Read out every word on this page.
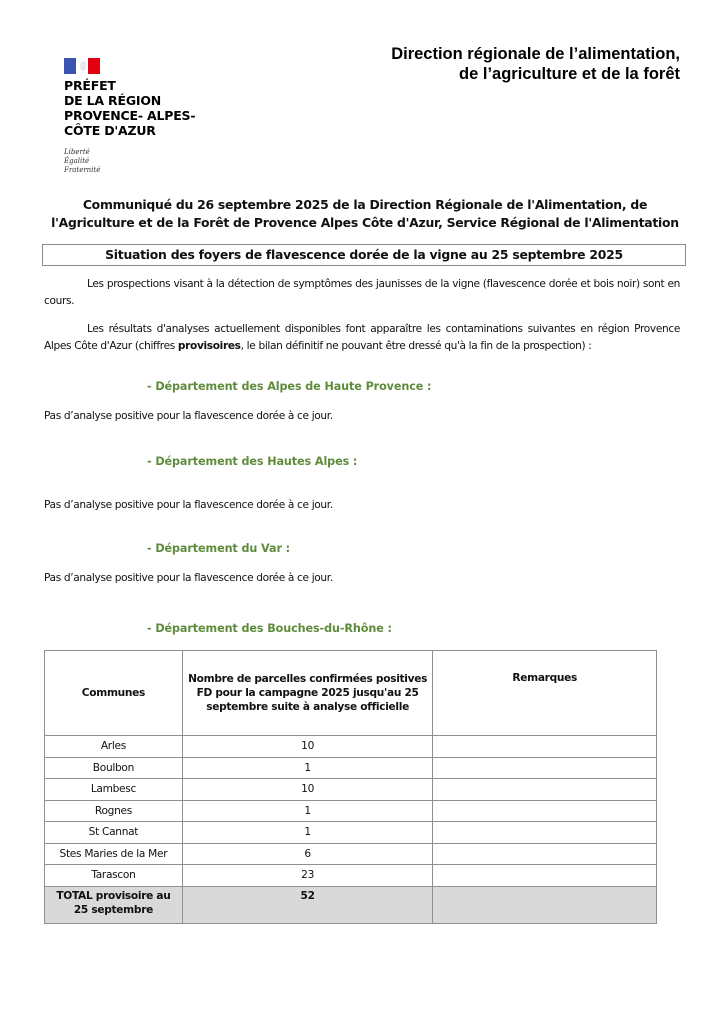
PRÉFET
DE LA RÉGION
PROVENCE- ALPES-
CÔTE D'AZUR
Liberté
Égalité
Fraternité
Direction régionale de l’alimentation,
de l’agriculture et de la forêt
Communiqué du 26 septembre 2025 de la Direction Régionale de l'Alimentation, de
l'Agriculture et de la Forêt de Provence Alpes Côte d'Azur, Service Régional de l'Alimentation
Situation des foyers de flavescence dorée de la vigne au 25 septembre 2025
Les prospections visant à la détection de symptômes des jaunisses de la vigne (flavescence dorée et bois noir) sont en cours.
Les résultats d'analyses actuellement disponibles font apparaître les contaminations suivantes en région Provence Alpes Côte d'Azur (chiffres provisoires, le bilan définitif ne pouvant être dressé qu'à la fin de la prospection) :
- Département des Alpes de Haute Provence :
Pas d’analyse positive pour la flavescence dorée à ce jour.
- Département des Hautes Alpes :
Pas d’analyse positive pour la flavescence dorée à ce jour.
- Département du Var :
Pas d’analyse positive pour la flavescence dorée à ce jour.
- Département des Bouches-du-Rhône :
Communes	Nombre de parcelles confirmées positives FD pour la campagne 2025 jusqu'au 25 septembre suite à analyse officielle	Remarques
Arles	10	
Boulbon	1	
Lambesc	10	
Rognes	1	
St Cannat	1	
Stes Maries de la Mer	6	
Tarascon	23	
TOTAL provisoire au 25 septembre	52	
